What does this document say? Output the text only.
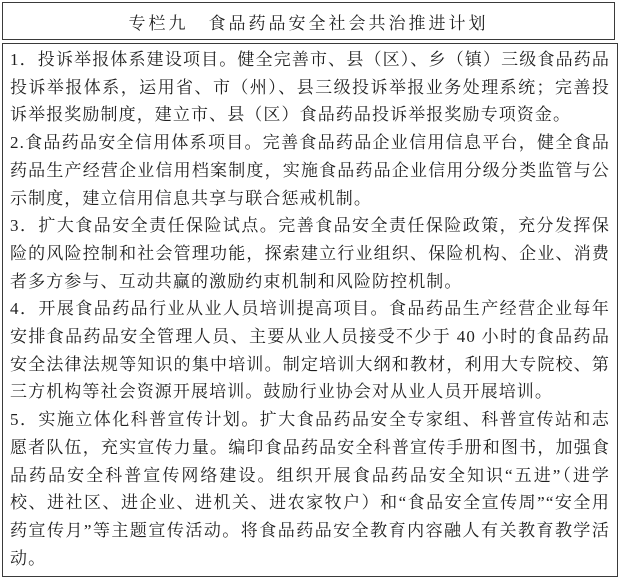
专栏九　食品药品安全社会共治推进计划

1．投诉举报体系建设项目。健全完善市、县（区）、乡（镇）三级食品药品投诉举报体系，运用省、市（州）、县三级投诉举报业务处理系统；完善投诉举报奖励制度，建立市、县（区）食品药品投诉举报奖励专项资金。

2.食品药品安全信用体系项目。完善食品药品企业信用信息平台，健全食品药品生产经营企业信用档案制度，实施食品药品企业信用分级分类监管与公示制度，建立信用信息共享与联合惩戒机制。

3．扩大食品安全责任保险试点。完善食品安全责任保险政策，充分发挥保险的风险控制和社会管理功能，探索建立行业组织、保险机构、企业、消费者多方参与、互动共赢的激励约束机制和风险防控机制。

4．开展食品药品行业从业人员培训提高项目。食品药品生产经营企业每年安排食品药品安全管理人员、主要从业人员接受不少于 40 小时的食品药品安全法律法规等知识的集中培训。制定培训大纲和教材，利用大专院校、第三方机构等社会资源开展培训。鼓励行业协会对从业人员开展培训。

5．实施立体化科普宣传计划。扩大食品药品安全专家组、科普宣传站和志愿者队伍，充实宣传力量。编印食品药品安全科普宣传手册和图书，加强食品药品安全科普宣传网络建设。组织开展食品药品安全知识“五进”（进学校、进社区、进企业、进机关、进农家牧户）和“食品安全宣传周”“安全用药宣传月”等主题宣传活动。将食品药品安全教育内容融人有关教育教学活动。
